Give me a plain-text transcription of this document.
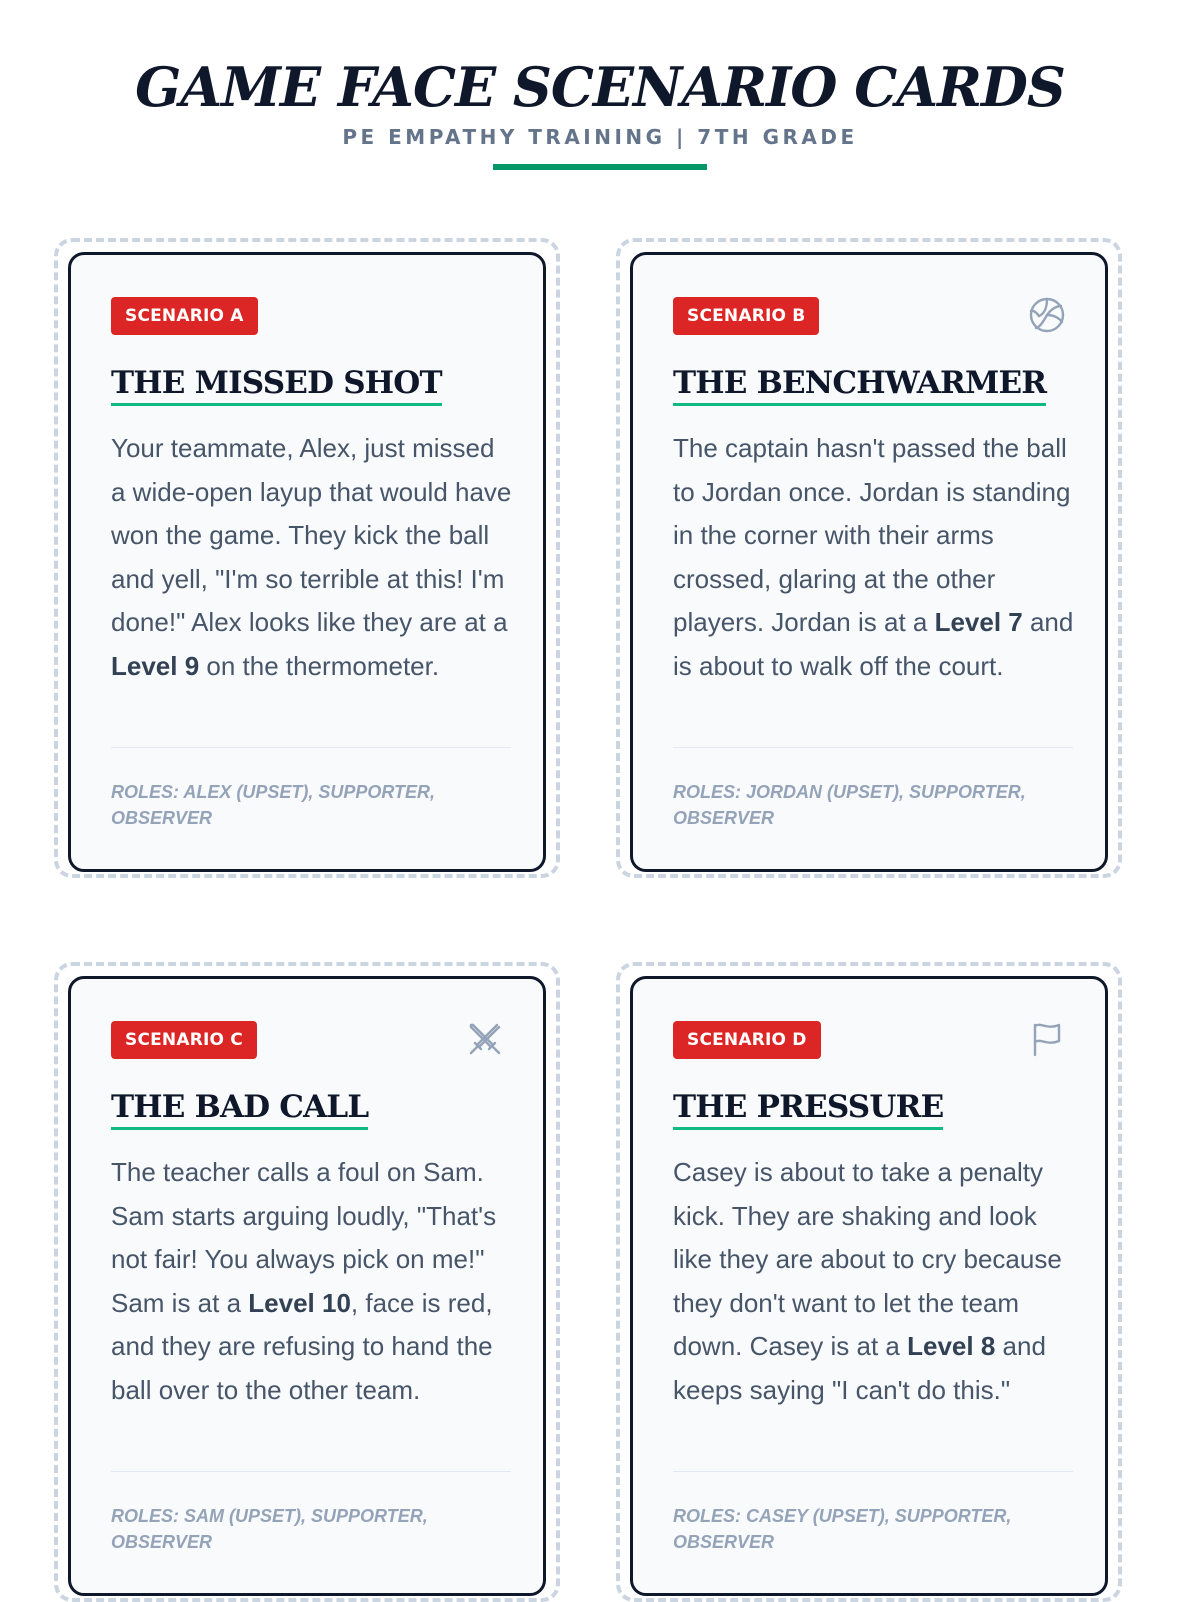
GAME FACE SCENARIO CARDS
PE EMPATHY TRAINING | 7TH GRADE
SCENARIO A
THE MISSED SHOT

Your teammate, Alex, just missed a wide-open layup that would have won the game. They kick the ball and yell, "I'm so terrible at this! I'm done!" Alex looks like they are at a Level 9 on the thermometer.

ROLES: ALEX (UPSET), SUPPORTER, OBSERVER
SCENARIO B
THE BENCHWARMER

The captain hasn't passed the ball to Jordan once. Jordan is standing in the corner with their arms crossed, glaring at the other players. Jordan is at a Level 7 and is about to walk off the court.

ROLES: JORDAN (UPSET), SUPPORTER, OBSERVER
SCENARIO C
THE BAD CALL

The teacher calls a foul on Sam. Sam starts arguing loudly, "That's not fair! You always pick on me!" Sam is at a Level 10, face is red, and they are refusing to hand the ball over to the other team.

ROLES: SAM (UPSET), SUPPORTER, OBSERVER
SCENARIO D
THE PRESSURE

Casey is about to take a penalty kick. They are shaking and look like they are about to cry because they don't want to let the team down. Casey is at a Level 8 and keeps saying "I can't do this."

ROLES: CASEY (UPSET), SUPPORTER, OBSERVER
